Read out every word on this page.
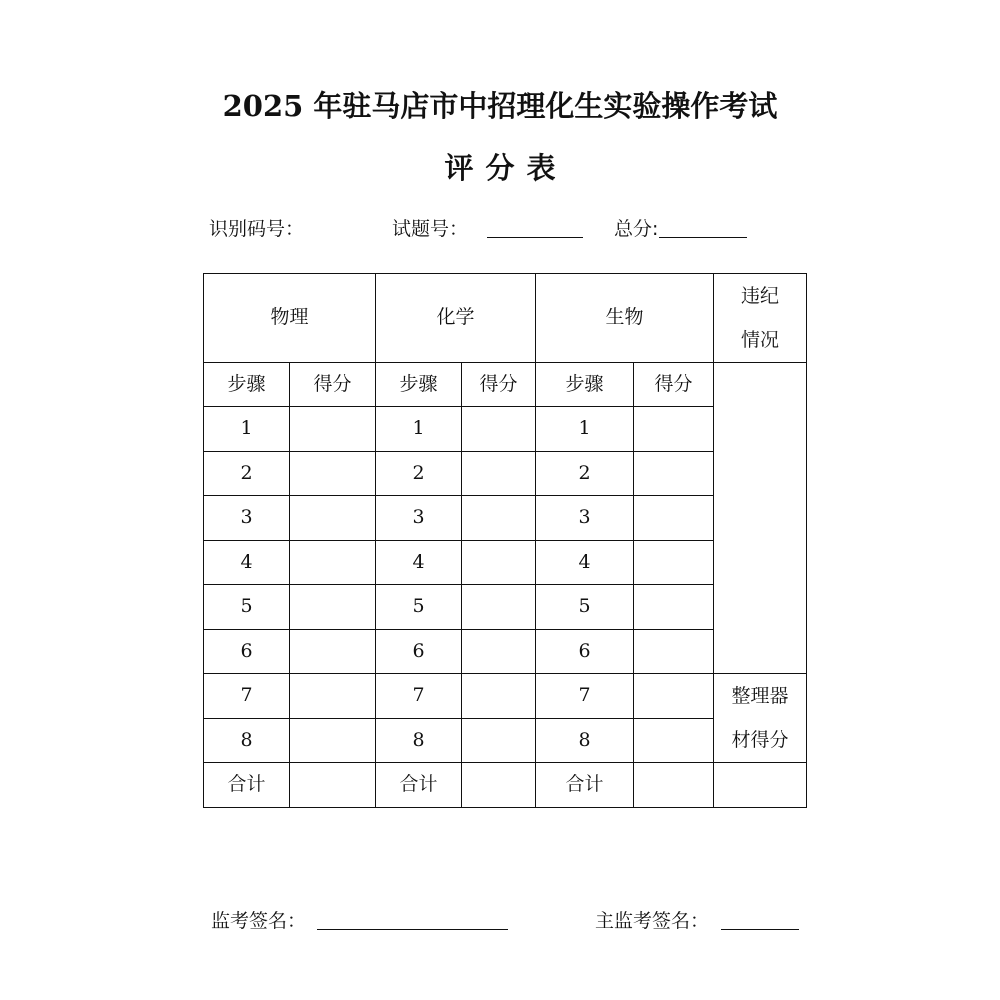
2025 年驻马店市中招理化生实验操作考试
评分表
识别码号：	试题号：	总分:
物理		化学		生物		违纪
情况
步骤	得分	步骤	得分	步骤	得分	
1		1		1		
2		2		2		
3		3		3		
4		4		4		
5		5		5		
6		6		6		
7		7		7		整理器
材得分
8		8		8		
合计		合计		合计		
监考签名：	主监考签名：
